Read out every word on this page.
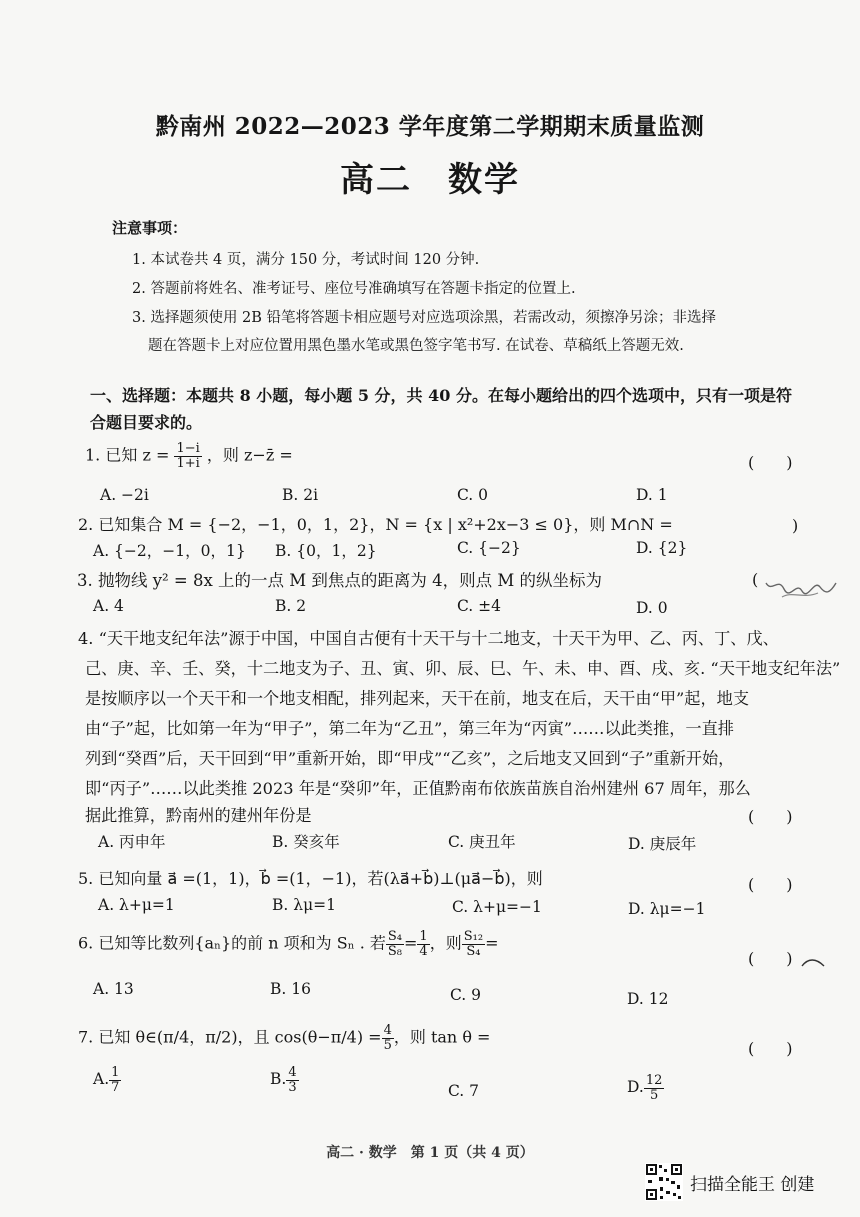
黔南州 2022—2023 学年度第二学期期末质量监测
高二　数学
注意事项：
1. 本试卷共 4 页，满分 150 分，考试时间 120 分钟.
2. 答题前将姓名、准考证号、座位号准确填写在答题卡指定的位置上.
3. 选择题须使用 2B 铅笔将答题卡相应题号对应选项涂黑，若需改动，须擦净另涂；非选择
题在答题卡上对应位置用黑色墨水笔或黑色签字笔书写. 在试卷、草稿纸上答题无效.
一、选择题：本题共 8 小题，每小题 5 分，共 40 分。在每小题给出的四个选项中，只有一项是符
合题目要求的。
1. 已知 $z = \frac{1-i}{1+i}$ ，则 z−z̄ =	(　　)
A. −2i	B. 2i	C. 0	D. 1
2. 已知集合 M = {−2，−1，0，1，2}，N = {x | x²+2x−3 ≤ 0}，则 M∩N =	)
A. {−2，−1，0，1} B. {0，1，2}	C. {−2}	D. {2}
3. 抛物线 y² = 8x 上的一点 M 到焦点的距离为 4，则点 M 的纵坐标为	(
A. 4	B. 2	C. ±4	D. 0
4. “天干地支纪年法”源于中国，中国自古便有十天干与十二地支，十天干为甲、乙、丙、丁、戊、
己、庚、辛、壬、癸，十二地支为子、丑、寅、卯、辰、巳、午、未、申、酉、戌、亥. “天干地支纪年法”
是按顺序以一个天干和一个地支相配，排列起来，天干在前，地支在后，天干由“甲”起，地支
由“子”起，比如第一年为“甲子”，第二年为“乙丑”，第三年为“丙寅”……以此类推，一直排
列到“癸酉”后，天干回到“甲”重新开始，即“甲戌”“乙亥”，之后地支又回到“子”重新开始，
即“丙子”……以此类推 2023 年是“癸卯”年，正值黔南布依族苗族自治州建州 67 周年，那么
据此推算，黔南州的建州年份是	(　　)
A. 丙申年	B. 癸亥年	C. 庚丑年	D. 庚辰年
5. 已知向量 a⃗ =(1，1)，b⃗ =(1，−1)，若(λa⃗+b⃗)⊥(μa⃗−b⃗)，则	(　　)
A. λ+μ=1	B. λμ=1	C. λ+μ=−1	D. λμ=−1
6. 已知等比数列{aₙ}的前 n 项和为 Sₙ . 若 $\frac{\text{S₄}}{\text{S₈}} = \frac{1}{4}$ ，则 $\frac{\text{S₁₂}}{\text{S₄}}$ =
(　　)
A. 13	B. 16	C. 9	D. 12
7. 已知 θ∈(π/4，π/2)，且 $\cos(\theta-\pi/4) = \frac{4}{5}$ ，则 tan θ =
(　　)
A. $\frac{1}{7}$	B. $\frac{4}{3}$	C. 7	D. $\frac{12}{5}$
高二 · 数学　第 1 页（共 4 页）
扫描全能王 创建
